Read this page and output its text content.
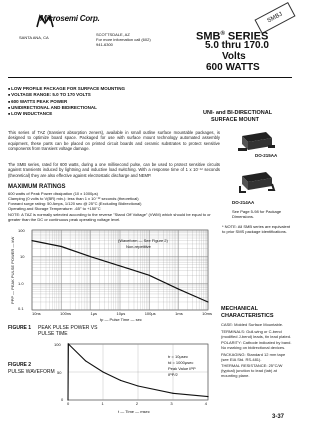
Microsemi Corp.
SANTA ANA, CA
SCOTTSDALE, AZ
For more information call (602) 941-6300
SMBJ
SMB® SERIES
5.0 thru 170.0
Volts
600 WATTS
■ LOW PROFILE PACKAGE FOR SURFACE MOUNTING
■ VOLTAGE RANGE: 5.0 TO 170 VOLTS
■ 600 WATTS PEAK POWER
■ UNIDIRECTIONAL AND BIDIRECTIONAL
■ LOW INDUCTANCE	UNI- and BI-DIRECTIONAL
SURFACE MOUNT
DO-215AA
DO-214AA
This series of TAZ (transient absorption zeners), available in small outline surface mountable packages, is designed to optimize board space. Packaged for use with surface mount technology automated assembly equipment, these parts can be placed on printed circuit boards and ceramic substrates to protect sensitive components from transient voltage damage.
The SMB series, rated for 600 watts, during a one millisecond pulse, can be used to protect sensitive circuits against transients induced by lightning and inductive load switching. With a response time of 1 x 10⁻¹² seconds (theoretical) they are also effective against electrostatic discharge and NEMP.
MAXIMUM RATINGS
600 watts of Peak Power dissipation (10 x 1000μs)
Clamping (0 volts to V(BR) min.): less than 1 x 10⁻¹² seconds (theoretical)
Forward surge rating: 50 Amps, 1/120 sec @ 25°C (Excluding Bidirectional)
Operating and Storage Temperature: -65° to +150°C
NOTE: A TAZ is normally selected according to the reverse "Stand Off Voltage" (VWM) which should be equal to or greater than the DC or continuous peak operating voltage level.
See Page 5-98 for Package Dimensions.
* NOTE: All SMB series are equivalent to prior SMS package identifications.
100
10
1.0
0.1
(Waveform — See Figure 2)
Non-repetitive
PPP — PEAK PULSE POWER — kW
10ns	100ns	1μs	10μs	100μs	1ms	10ms
tp — Pulse Time — sec
FIGURE 1 PEAK PULSE POWER VS PULSE TIME
100
50
0
tr = 10μsec
td = 1000μsec
Peak Value IPP
IPP/2
0	1	2	3	4
t — Time — msec
FIGURE 2
PULSE WAVEFORM
MECHANICAL
CHARACTERISTICS

CASE: Molded Surface Mountable.

TERMINALS: Gull-wing or C-bend (modified J-bend) leads, tin lead plated.

POLARITY: Cathode indicated by band. No marking on bidirectional devices.

PACKAGING: Standard 12 mm tape (see EIA Std. RS-481).

THERMAL RESISTANCE: 25°C/W (typical) junction to lead (tab) at mounting plane.

3-37
